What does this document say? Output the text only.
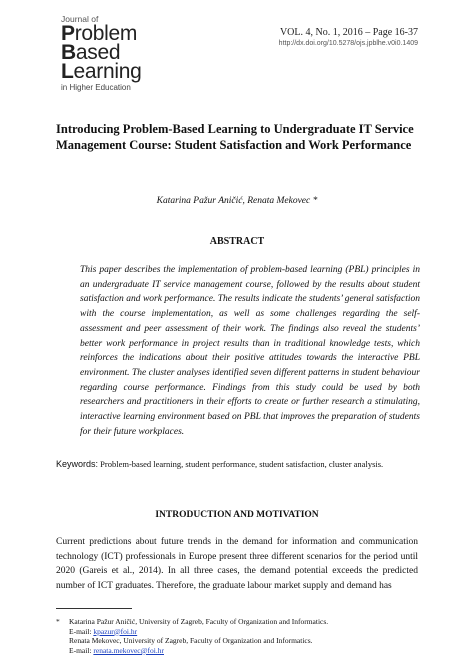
Journal of
Problem
Based
Learning
in Higher Education
VOL. 4, No. 1, 2016 – Page 16-37
http://dx.doi.org/10.5278/ojs.jpblhe.v0i0.1409
Introducing Problem-Based Learning to Undergraduate IT Service Management Course: Student Satisfaction and Work Performance
Katarina Pažur Aničić, Renata Mekovec *
ABSTRACT
This paper describes the implementation of problem-based learning (PBL) principles in an undergraduate IT service management course, followed by the results about student satisfaction and work performance. The results indicate the students’ general satisfaction with the course implementation, as well as some challenges regarding the self-assessment and peer assessment of their work. The findings also reveal the students’ better work performance in project results than in traditional knowledge tests, which reinforces the indications about their positive attitudes towards the interactive PBL environment. The cluster analyses identified seven different patterns in student behaviour regarding course performance. Findings from this study could be used by both researchers and practitioners in their efforts to create or further research a stimulating, interactive learning environment based on PBL that improves the preparation of students for their future workplaces.
Keywords: Problem-based learning, student performance, student satisfaction, cluster analysis.
INTRODUCTION AND MOTIVATION
Current predictions about future trends in the demand for information and communication technology (ICT) professionals in Europe present three different scenarios for the period until 2020 (Gareis et al., 2014). In all three cases, the demand potential exceeds the predicted number of ICT graduates. Therefore, the graduate labour market supply and demand has
* Katarina Pažur Aničić, University of Zagreb, Faculty of Organization and Informatics.
E-mail: kpazur@foi.hr
Renata Mekovec, University of Zagreb, Faculty of Organization and Informatics.
E-mail: renata.mekovec@foi.hr
